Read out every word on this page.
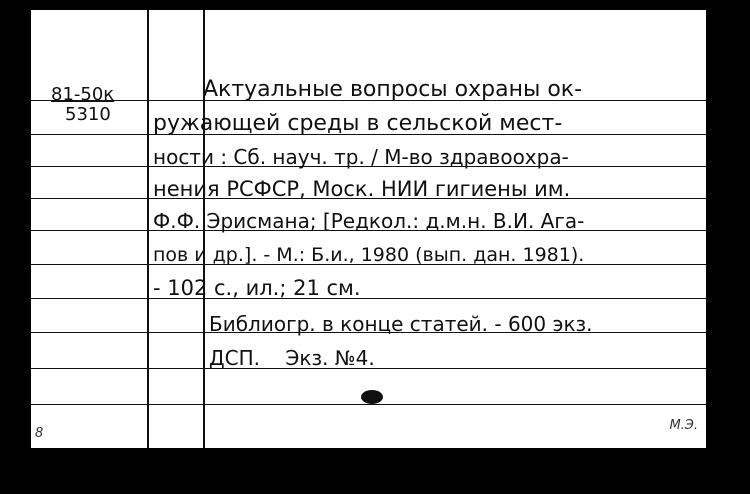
81-50к
5310
Актуальные вопросы охраны ок-
ружающей среды в сельской мест-
ности : Сб. науч. тр. / М-во здравоохра-
нения РСФСР, Моск. НИИ гигиены им.
Ф.Ф. Эрисмана; [Редкол.: д.м.н. В.И. Ага-
пов и др.]. - М.: Б.и., 1980 (вып. дан. 1981).
- 102 с., ил.; 21 см.
Библиогр. в конце статей. - 600 экз.
ДСП.    Экз. №4.
8
М.Э.
